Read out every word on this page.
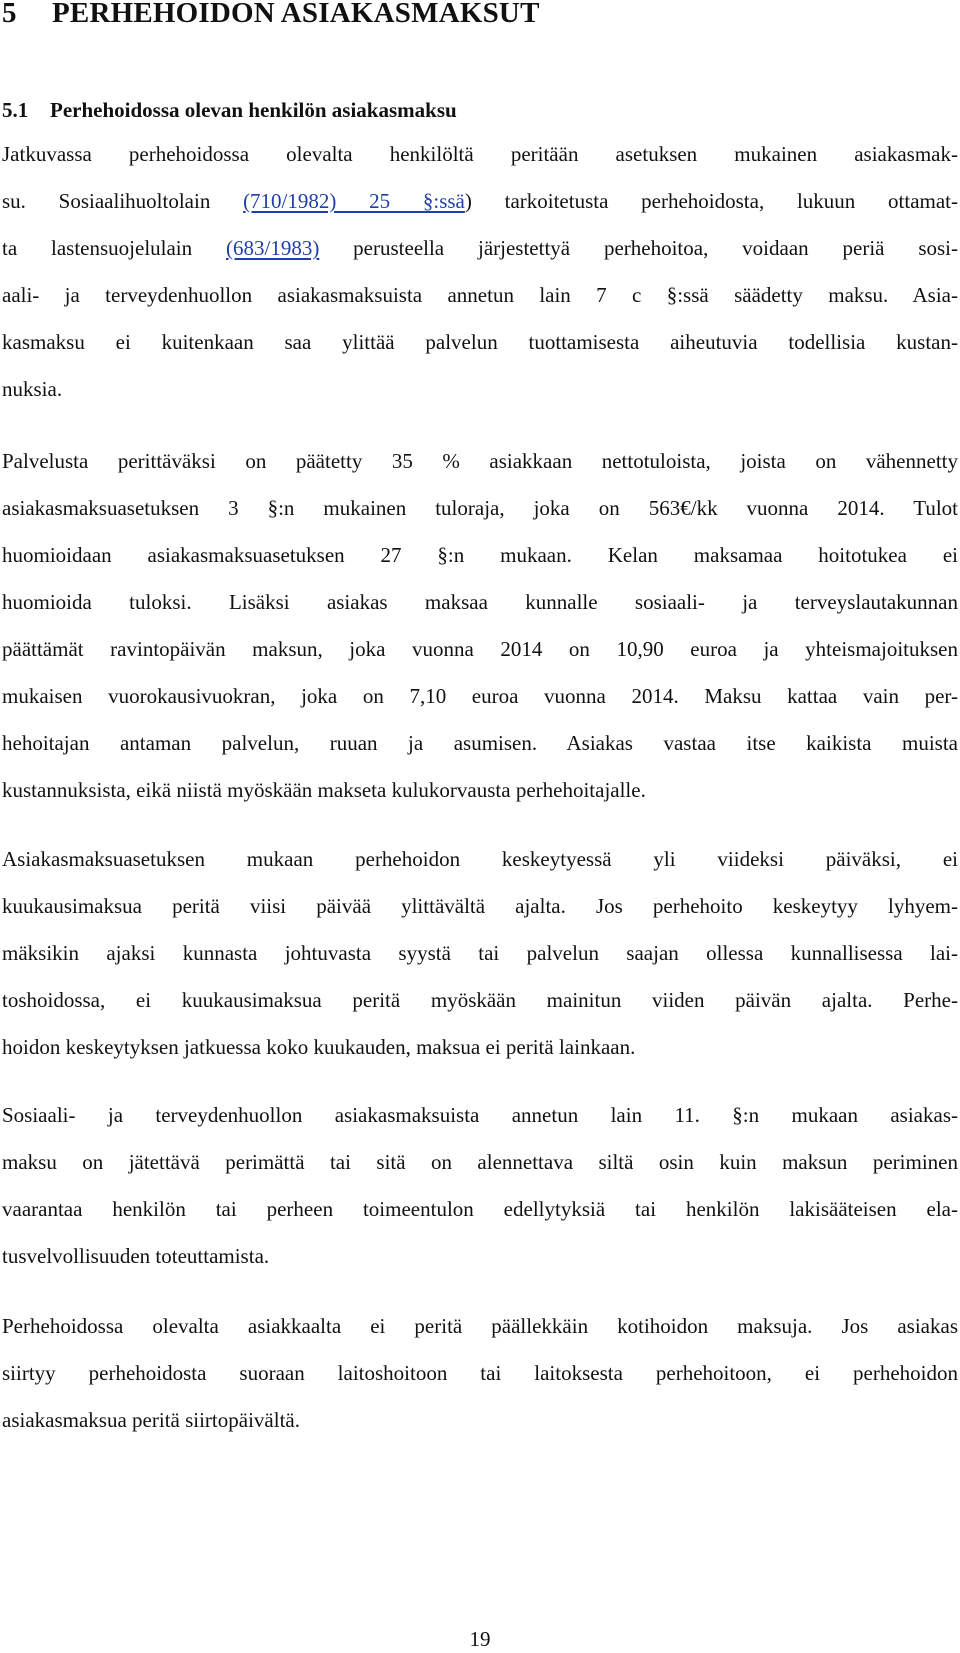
5 PERHEHOIDON ASIAKASMAKSUT
5.1 Perhehoidossa olevan henkilön asiakasmaksu
Jatkuvassa perhehoidossa olevalta henkilöltä peritään asetuksen mukainen asiakasmak-
su. Sosiaalihuoltolain (710/1982) 25 §:ssä) tarkoitetusta perhehoidosta, lukuun ottamat-
ta lastensuojelulain (683/1983) perusteella järjestettyä perhehoitoa, voidaan periä sosi-
aali- ja terveydenhuollon asiakasmaksuista annetun lain 7 c §:ssä säädetty maksu. Asia-
kasmaksu ei kuitenkaan saa ylittää palvelun tuottamisesta aiheutuvia todellisia kustan-
nuksia.
Palvelusta perittäväksi on päätetty 35 % asiakkaan nettotuloista, joista on vähennetty
asiakasmaksuasetuksen 3 §:n mukainen tuloraja, joka on 563€/kk vuonna 2014. Tulot
huomioidaan asiakasmaksuasetuksen 27 §:n mukaan. Kelan maksamaa hoitotukea ei
huomioida tuloksi. Lisäksi asiakas maksaa kunnalle sosiaali- ja terveyslautakunnan
päättämät ravintopäivän maksun, joka vuonna 2014 on 10,90 euroa ja yhteismajoituksen
mukaisen vuorokausivuokran, joka on 7,10 euroa vuonna 2014. Maksu kattaa vain per-
hehoitajan antaman palvelun, ruuan ja asumisen. Asiakas vastaa itse kaikista muista
kustannuksista, eikä niistä myöskään makseta kulukorvausta perhehoitajalle.
Asiakasmaksuasetuksen mukaan perhehoidon keskeytyessä yli viideksi päiväksi, ei
kuukausimaksua peritä viisi päivää ylittävältä ajalta. Jos perhehoito keskeytyy lyhyem-
mäksikin ajaksi kunnasta johtuvasta syystä tai palvelun saajan ollessa kunnallisessa lai-
toshoidossa, ei kuukausimaksua peritä myöskään mainitun viiden päivän ajalta. Perhe-
hoidon keskeytyksen jatkuessa koko kuukauden, maksua ei peritä lainkaan.
Sosiaali- ja terveydenhuollon asiakasmaksuista annetun lain 11. §:n mukaan asiakas-
maksu on jätettävä perimättä tai sitä on alennettava siltä osin kuin maksun periminen
vaarantaa henkilön tai perheen toimeentulon edellytyksiä tai henkilön lakisääteisen ela-
tusvelvollisuuden toteuttamista.
Perhehoidossa olevalta asiakkaalta ei peritä päällekkäin kotihoidon maksuja. Jos asiakas
siirtyy perhehoidosta suoraan laitoshoitoon tai laitoksesta perhehoitoon, ei perhehoidon
asiakasmaksua peritä siirtopäivältä.
19
